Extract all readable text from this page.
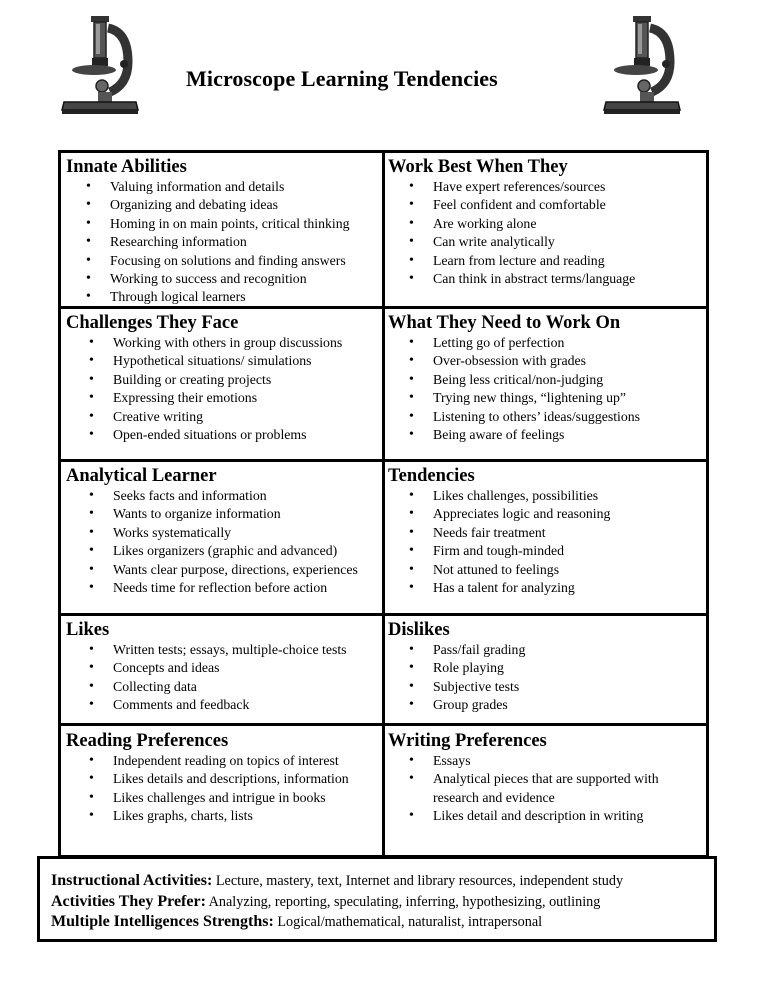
Microscope Learning Tendencies
Innate Abilities
• Valuing information and details
• Organizing and debating ideas
• Homing in on main points, critical thinking
• Researching information
• Focusing on solutions and finding answers
• Working to success and recognition
• Through logical learners
Work Best When They
• Have expert references/sources
• Feel confident and comfortable
• Are working alone
• Can write analytically
• Learn from lecture and reading
• Can think in abstract terms/language
Challenges They Face
• Working with others in group discussions
• Hypothetical situations/ simulations
• Building or creating projects
• Expressing their emotions
• Creative writing
• Open-ended situations or problems
What They Need to Work On
• Letting go of perfection
• Over-obsession with grades
• Being less critical/non-judging
• Trying new things, “lightening up”
• Listening to others’ ideas/suggestions
• Being aware of feelings
Analytical Learner
• Seeks facts and information
• Wants to organize information
• Works systematically
• Likes organizers (graphic and advanced)
• Wants clear purpose, directions, experiences
• Needs time for reflection before action
Tendencies
• Likes challenges, possibilities
• Appreciates logic and reasoning
• Needs fair treatment
• Firm and tough-minded
• Not attuned to feelings
• Has a talent for analyzing
Likes
• Written tests; essays, multiple-choice tests
• Concepts and ideas
• Collecting data
• Comments and feedback
Dislikes
• Pass/fail grading
• Role playing
• Subjective tests
• Group grades
Reading Preferences
• Independent reading on topics of interest
• Likes details and descriptions, information
• Likes challenges and intrigue in books
• Likes graphs, charts, lists
Writing Preferences
• Essays
• Analytical pieces that are supported with research and evidence
• Likes detail and description in writing
Instructional Activities: Lecture, mastery, text, Internet and library resources, independent study
Activities They Prefer: Analyzing, reporting, speculating, inferring, hypothesizing, outlining
Multiple Intelligences Strengths: Logical/mathematical, naturalist, intrapersonal
